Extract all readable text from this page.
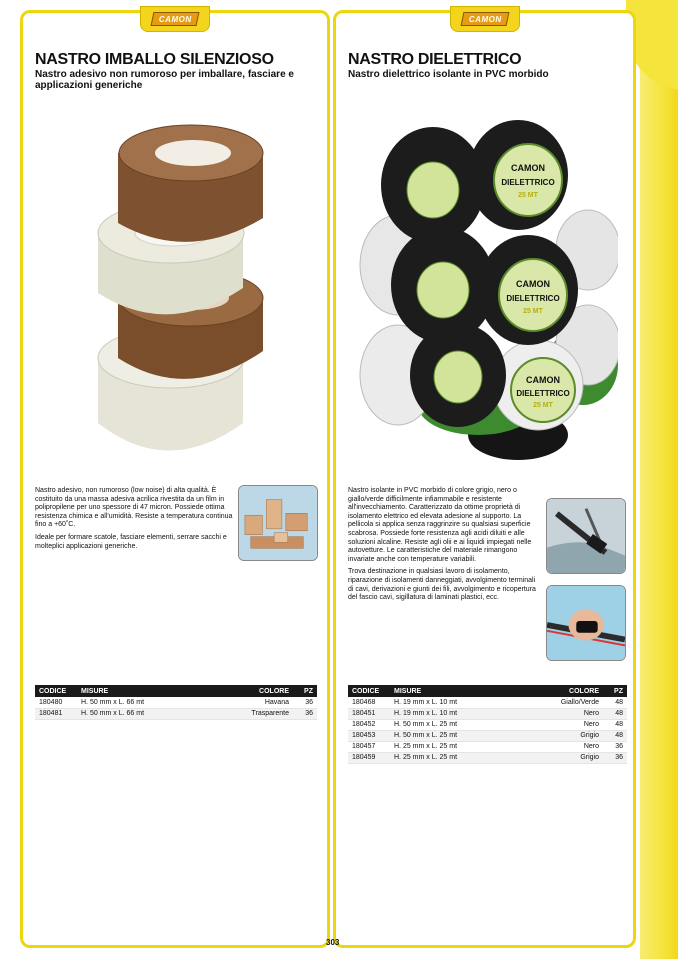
CAMON
NASTRO IMBALLO SILENZIOSO
Nastro adesivo non rumoroso per imballare, fasciare e applicazioni generiche

Nastro adesivo, non rumoroso (low noise) di alta qualità. È costituito da una massa adesiva acrilica rivestita da un film in polipropilene per uno spessore di 47 micron. Possiede ottima resistenza chimica e all'umidità. Resiste a temperatura continua fino a +60˚C.

Ideale per formare scatole, fasciare elementi, serrare sacchi e molteplici applicazioni generiche.

CODICE	MISURE	COLORE	PZ
180480	H. 50 mm x L. 66 mt	Havana	36
180481	H. 50 mm x L. 66 mt	Trasparente	36
CAMON
NASTRO DIELETTRICO
Nastro dielettrico isolante in PVC morbido
CAMON
DIELETTRICO
25 MT
CAMON
DIELETTRICO
25 MT
CAMON
DIELETTRICO
25 MT

Nastro isolante in PVC morbido di colore grigio, nero o giallo/verde difficilmente infiammabile e resistente all'invecchiamento. Caratterizzato da ottime proprietà di isolamento elettrico ed elevata adesione al supporto. La pellicola si applica senza raggrinzire su qualsiasi superficie scabrosa. Possiede forte resistenza agli acidi diluiti e alle soluzioni alcaline. Resiste agli olii e ai liquidi impiegati nelle autovetture. Le caratteristiche del materiale rimangono invariate anche con temperature variabili.

Trova destinazione in qualsiasi lavoro di isolamento, riparazione di isolamenti danneggiati, avvolgimento terminali di cavi, derivazioni e giunti dei fili, avvolgimento e ricopertura del fascio cavi, sigillatura di laminati plastici, ecc.

CODICE	MISURE	COLORE	PZ
180468	H. 19 mm x L. 10 mt	Giallo/Verde	48
180451	H. 19 mm x L. 10 mt	Nero	48
180452	H. 50 mm x L. 25 mt	Nero	48
180453	H. 50 mm x L. 25 mt	Grigio	48
180457	H. 25 mm x L. 25 mt	Nero	36
180459	H. 25 mm x L. 25 mt	Grigio	36
303
